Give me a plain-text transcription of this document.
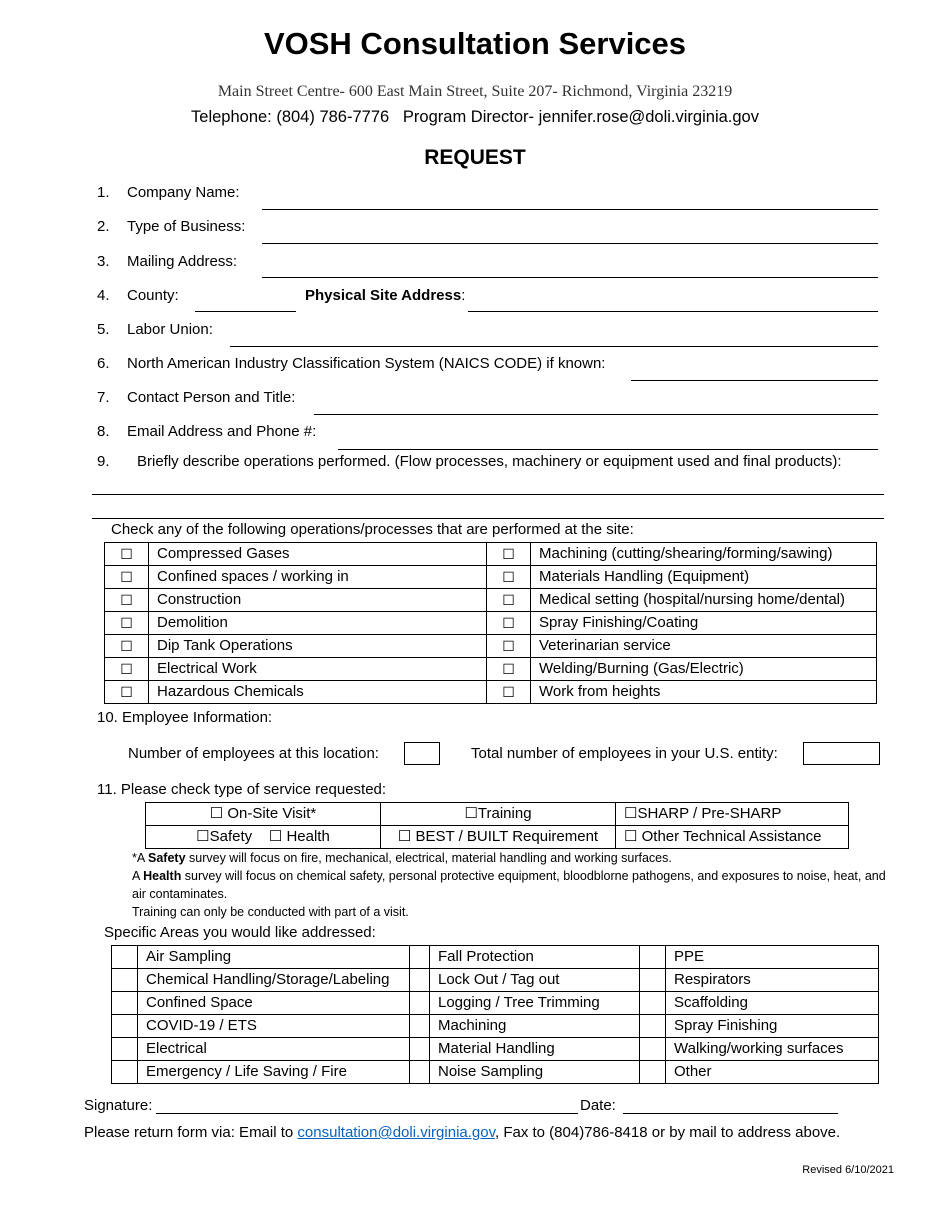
VOSH Consultation Services
Main Street Centre- 600 East Main Street, Suite 207- Richmond, Virginia 23219
Telephone: (804) 786-7776   Program Director- jennifer.rose@doli.virginia.gov
REQUEST
1. Company Name:
2. Type of Business:
3. Mailing Address:
4. County:	Physical Site Address:
5. Labor Union:
6. North American Industry Classification System (NAICS CODE) if known:
7. Contact Person and Title:
8. Email Address and Phone #:
9. Briefly describe operations performed. (Flow processes, machinery or equipment used and final products):
Check any of the following operations/processes that are performed at the site:
☐	Compressed Gases	☐	Machining (cutting/shearing/forming/sawing)
☐	Confined spaces / working in	☐	Materials Handling (Equipment)
☐	Construction	☐	Medical setting (hospital/nursing home/dental)
☐	Demolition	☐	Spray Finishing/Coating
☐	Dip Tank Operations	☐	Veterinarian service
☐	Electrical Work	☐	Welding/Burning (Gas/Electric)
☐	Hazardous Chemicals	☐	Work from heights
10. Employee Information:
Number of employees at this location:	Total number of employees in your U.S. entity:
11. Please check type of service requested:
☐ On-Site Visit*	☐Training	☐SHARP / Pre-SHARP
☐Safety ☐ Health	☐ BEST / BUILT Requirement	☐ Other Technical Assistance
*A Safety survey will focus on fire, mechanical, electrical, material handling and working surfaces.
A Health survey will focus on chemical safety, personal protective equipment, bloodblorne pathogens, and exposures to noise, heat, and air contaminates.
Training can only be conducted with part of a visit.
Specific Areas you would like addressed:
	Air Sampling		Fall Protection		PPE
	Chemical Handling/Storage/Labeling		Lock Out / Tag out		Respirators
	Confined Space		Logging / Tree Trimming		Scaffolding
	COVID-19 / ETS		Machining		Spray Finishing
	Electrical		Material Handling		Walking/working surfaces
	Emergency / Life Saving / Fire		Noise Sampling		Other
Signature:	Date:
Please return form via: Email to consultation@doli.virginia.gov, Fax to (804)786-8418 or by mail to address above.
Revised 6/10/2021
